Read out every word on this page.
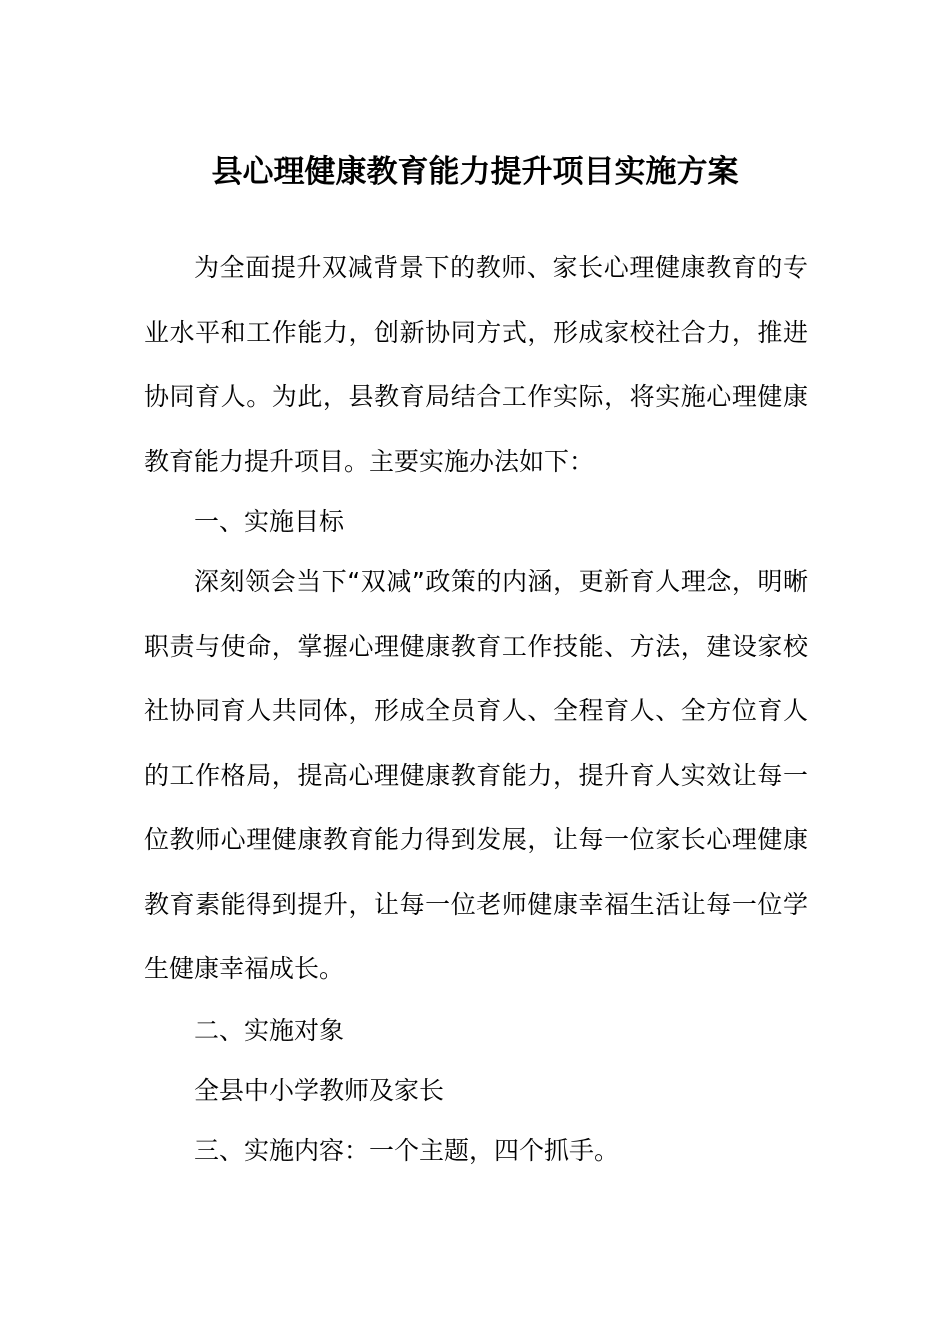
县心理健康教育能力提升项目实施方案

为全面提升双减背景下的教师、家长心理健康教育的专业水平和工作能力，创新协同方式，形成家校社合力，推进协同育人。为此，县教育局结合工作实际，将实施心理健康教育能力提升项目。主要实施办法如下：

一、实施目标

深刻领会当下“双减”政策的内涵，更新育人理念，明晰职责与使命，掌握心理健康教育工作技能、方法，建设家校社协同育人共同体，形成全员育人、全程育人、全方位育人的工作格局，提高心理健康教育能力，提升育人实效让每一位教师心理健康教育能力得到发展，让每一位家长心理健康教育素能得到提升，让每一位老师健康幸福生活让每一位学生健康幸福成长。

二、实施对象

全县中小学教师及家长

三、实施内容：一个主题，四个抓手。
